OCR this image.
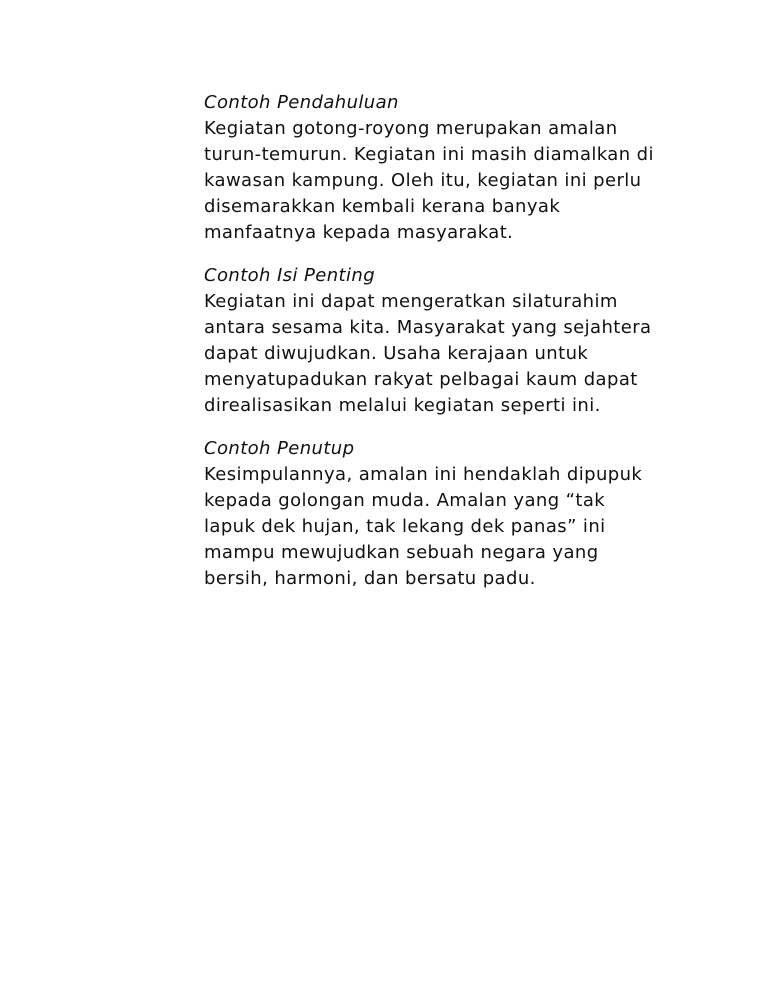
Contoh Pendahuluan
Kegiatan gotong-royong merupakan amalan
turun-temurun. Kegiatan ini masih diamalkan di
kawasan kampung. Oleh itu, kegiatan ini perlu
disemarakkan kembali kerana banyak
manfaatnya kepada masyarakat.
Contoh Isi Penting
Kegiatan ini dapat mengeratkan silaturahim
antara sesama kita. Masyarakat yang sejahtera
dapat diwujudkan. Usaha kerajaan untuk
menyatupadukan rakyat pelbagai kaum dapat
direalisasikan melalui kegiatan seperti ini.
Contoh Penutup
Kesimpulannya, amalan ini hendaklah dipupuk
kepada golongan muda. Amalan yang “tak
lapuk dek hujan, tak lekang dek panas” ini
mampu mewujudkan sebuah negara yang
bersih, harmoni, dan bersatu padu.
